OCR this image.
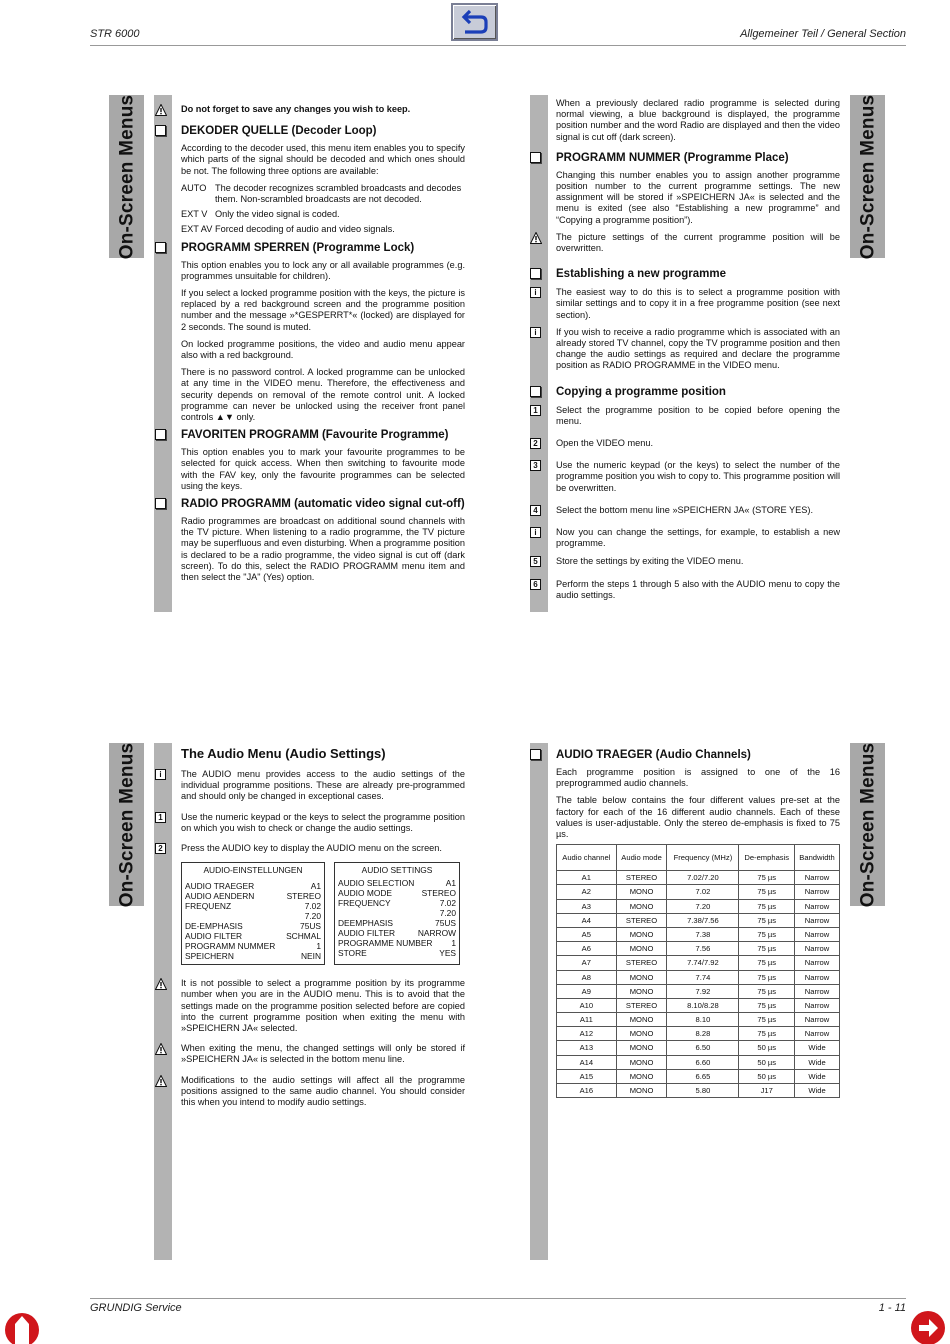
STR 6000	Allgemeiner Teil / General Section
On-Screen Menus	On-Screen Menus
On-Screen Menus	On-Screen Menus
Do not forget to save any changes you wish to keep.
DEKODER QUELLE (Decoder Loop)

According to the decoder used, this menu item enables you to specify which parts of the signal should be decoded and which ones should be not. The following three options are available:

AUTO The decoder recognizes scrambled broadcasts and decodes them. Non-scrambled broadcasts are not decoded.
EXT V Only the video signal is coded.
EXT AV Forced decoding of audio and video signals.
PROGRAMM SPERREN (Programme Lock)

This option enables you to lock any or all available programmes (e.g. programmes unsuitable for children).

If you select a locked programme position with the keys, the picture is replaced by a red background screen and the programme position number and the message »*GESPERRT*« (locked) are displayed for 2 seconds. The sound is muted.

On locked programme positions, the video and audio menu appear also with a red background.

There is no password control. A locked programme can be unlocked at any time in the VIDEO menu. Therefore, the effectiveness and security depends on removal of the remote control unit. A locked programme can never be unlocked using the receiver front panel controls ▲▼ only.

FAVORITEN PROGRAMM (Favourite Programme)

This option enables you to mark your favourite programmes to be selected for quick access. When then switching to favourite mode with the FAV key, only the favourite programmes can be selected using the keys.

RADIO PROGRAMM (automatic video signal cut-off)

Radio programmes are broadcast on additional sound channels with the TV picture. When listening to a radio programme, the TV picture may be superfluous and even disturbing. When a programme position is declared to be a radio programme, the video signal is cut off (dark screen). To do this, select the RADIO PROGRAMM menu item and then select the "JA" (Yes) option.

When a previously declared radio programme is selected during normal viewing, a blue background is displayed, the programme position number and the word Radio are displayed and then the video signal is cut off (dark screen).

PROGRAMM NUMMER (Programme Place)

Changing this number enables you to assign another programme position number to the current programme settings. The new assignment will be stored if »SPEICHERN JA« is selected and the menu is exited (see also “Establishing a new programme” and “Copying a programme position”).

The picture settings of the current programme position will be overwritten.

Establishing a new programme
i	The easiest way to do this is to select a programme position with similar settings and to copy it in a free programme position (see next section).

i	If you wish to receive a radio programme which is associated with an already stored TV channel, copy the TV programme position and then change the audio settings as required and declare the programme position as RADIO PROGRAMME in the VIDEO menu.

Copying a programme position
1	Select the programme position to be copied before opening the menu.

2	Open the VIDEO menu.

3	Use the numeric keypad (or the keys) to select the number of the programme position you wish to copy to. This programme position will be overwritten.

4	Select the bottom menu line »SPEICHERN JA« (STORE YES).

i	Now you can change the settings, for example, to establish a new programme.

5	Store the settings by exiting the VIDEO menu.

6	Perform the steps 1 through 5 also with the AUDIO menu to copy the audio settings.

The Audio Menu (Audio Settings)
i	The AUDIO menu provides access to the audio settings of the individual programme positions. These are already pre-programmed and should only be changed in exceptional cases.

1	Use the numeric keypad or the keys to select the programme position on which you wish to check or change the audio settings.

2	Press the AUDIO key to display the AUDIO menu on the screen.

AUDIO-EINSTELLUNGEN
AUDIO TRAEGER	A1
AUDIO AENDERN	STEREO
FREQUENZ	7.02
7.20
DE-EMPHASIS	75US
AUDIO FILTER	SCHMAL
PROGRAMM NUMMER	1
SPEICHERN	NEIN
AUDIO SETTINGS
AUDIO SELECTION	A1
AUDIO MODE	STEREO
FREQUENCY	7.02
7.20
DEEMPHASIS	75US
AUDIO FILTER	NARROW
PROGRAMME NUMBER 1
STORE	YES

It is not possible to select a programme position by its programme number when you are in the AUDIO menu. This is to avoid that the settings made on the programme position selected before are copied into the current programme position when exiting the menu with »SPEICHERN JA« selected.

When exiting the menu, the changed settings will only be stored if »SPEICHERN JA« is selected in the bottom menu line.

Modifications to the audio settings will affect all the programme positions assigned to the same audio channel. You should consider this when you intend to modify audio settings.

AUDIO TRAEGER (Audio Channels)

Each programme position is assigned to one of the 16 preprogrammed audio channels.

The table below contains the four different values pre-set at the factory for each of the 16 different audio channels. Each of these values is user-adjustable. Only the stereo de-emphasis is fixed to 75 µs.

Audio channel	Audio mode	Frequency (MHz)	De-emphasis	Bandwidth
A1	STEREO	7.02/7.20	75 µs	Narrow
A2	MONO	7.02	75 µs	Narrow
A3	MONO	7.20	75 µs	Narrow
A4	STEREO	7.38/7.56	75 µs	Narrow
A5	MONO	7.38	75 µs	Narrow
A6	MONO	7.56	75 µs	Narrow
A7	STEREO	7.74/7.92	75 µs	Narrow
A8	MONO	7.74	75 µs	Narrow
A9	MONO	7.92	75 µs	Narrow
A10	STEREO	8.10/8.28	75 µs	Narrow
A11	MONO	8.10	75 µs	Narrow
A12	MONO	8.28	75 µs	Narrow
A13	MONO	6.50	50 µs	Wide
A14	MONO	6.60	50 µs	Wide
A15	MONO	6.65	50 µs	Wide
A16	MONO	5.80	J17	Wide
GRUNDIG Service	1 - 11
